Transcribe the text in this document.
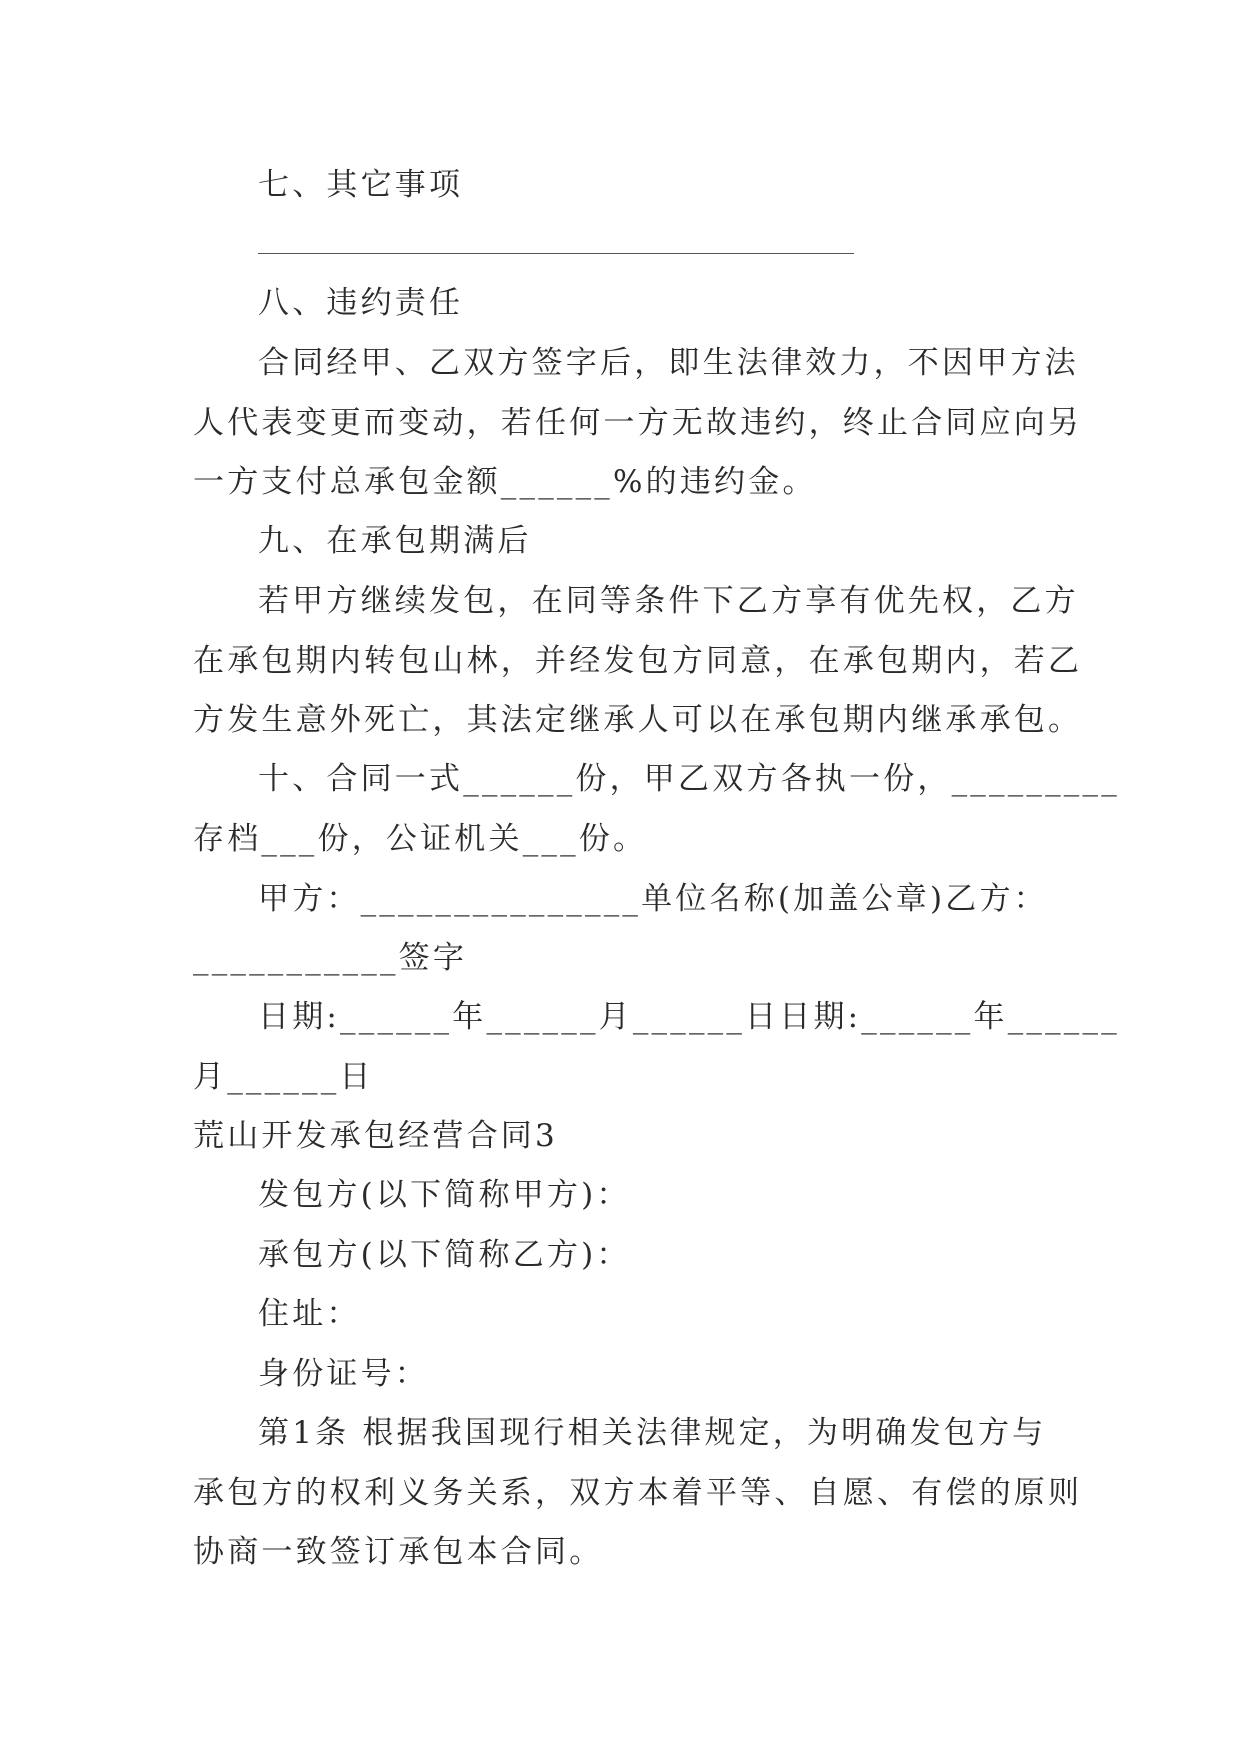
七、其它事项
八、违约责任
合同经甲、乙双方签字后，即生法律效力，不因甲方法
人代表变更而变动，若任何一方无故违约，终止合同应向另
一方支付总承包金额______%的违约金。
九、在承包期满后
若甲方继续发包，在同等条件下乙方享有优先权，乙方
在承包期内转包山林，并经发包方同意，在承包期内，若乙
方发生意外死亡，其法定继承人可以在承包期内继承承包。
十、合同一式______份，甲乙双方各执一份，_________
存档___份，公证机关___份。
甲方：_______________单位名称(加盖公章)乙方：
___________签字
日期:______年______月______日日期:______年______
月______日
荒山开发承包经营合同3
发包方(以下简称甲方)：
承包方(以下简称乙方)：
住址：
身份证号：
第1条 根据我国现行相关法律规定，为明确发包方与
承包方的权利义务关系，双方本着平等、自愿、有偿的原则
协商一致签订承包本合同。
